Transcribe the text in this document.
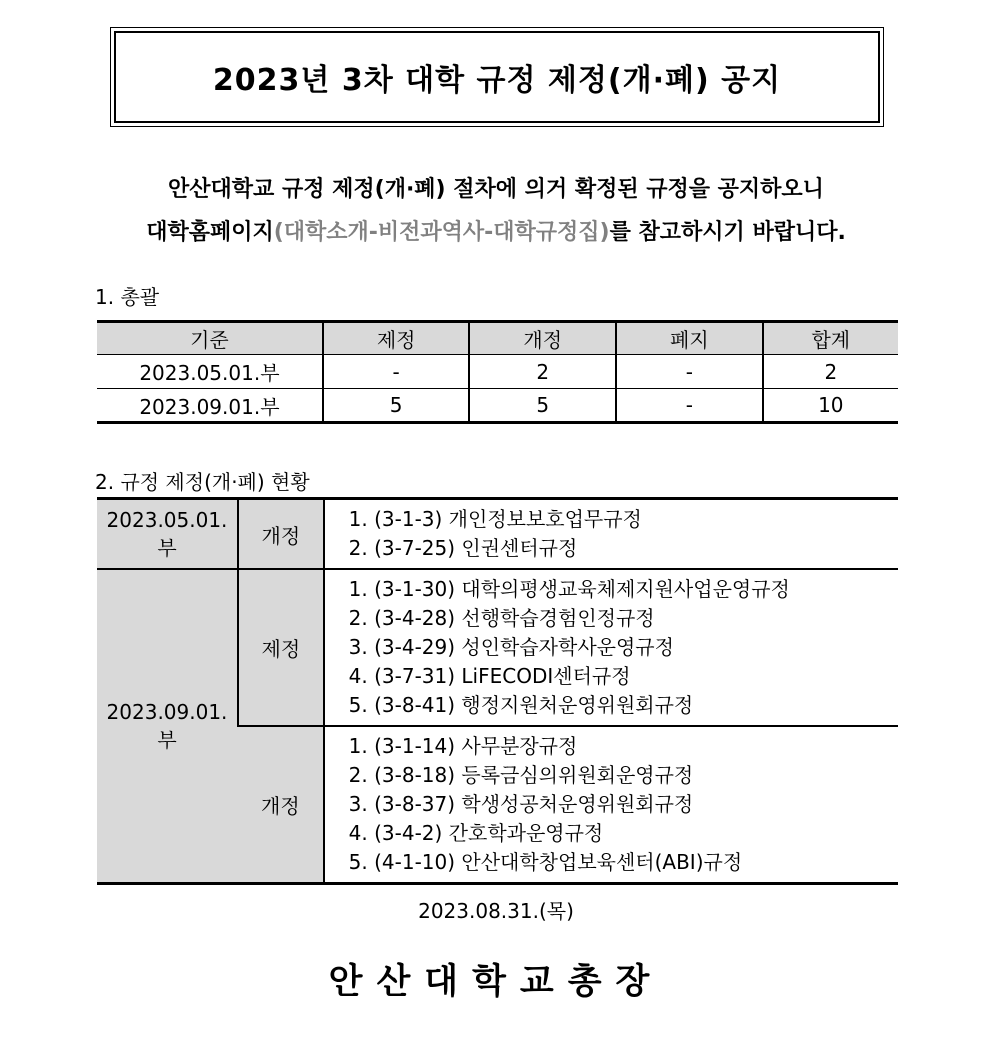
2023년 3차 대학 규정 제정(개·폐) 공지
안산대학교 규정 제정(개·폐) 절차에 의거 확정된 규정을 공지하오니
대학홈페이지(대학소개-비전과역사-대학규정집)를 참고하시기 바랍니다.
1. 총괄
기준	제정	개정	폐지	합계
2023.05.01.부	-	2	-	2
2023.09.01.부	5	5	-	10
2. 규정 제정(개·폐) 현황
2023.05.01.부	개정	1. (3-1-3) 개인정보보호업무규정
2. (3-7-25) 인권센터규정

2023.09.01.부	제정	1. (3-1-30) 대학의평생교육체제지원사업운영규정
2. (3-4-28) 선행학습경험인정규정
3. (3-4-29) 성인학습자학사운영규정
4. (3-7-31) LiFECODI센터규정
5. (3-8-41) 행정지원처운영위원회규정

	개정	1. (3-1-14) 사무분장규정
2. (3-8-18) 등록금심의위원회운영규정
3. (3-8-37) 학생성공처운영위원회규정
4. (3-4-2) 간호학과운영규정
5. (4-1-10) 안산대학창업보육센터(ABI)규정
2023.08.31.(목)
안산대학교총장
